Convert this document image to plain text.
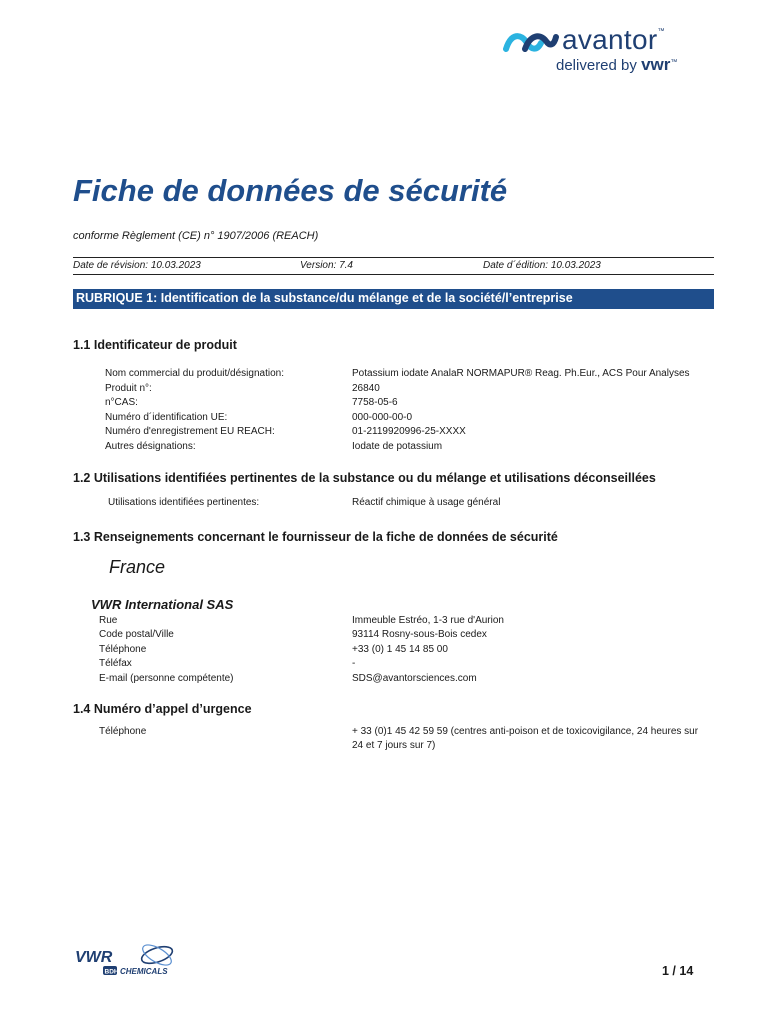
avantor™
delivered by vwr™
Fiche de données de sécurité
conforme Règlement (CE) n° 1907/2006 (REACH)
Date de révision: 10.03.2023	Version: 7.4	Date d´édition: 10.03.2023
RUBRIQUE 1: Identification de la substance/du mélange et de la société/l’entreprise
1.1 Identificateur de produit
Nom commercial du produit/désignation:	Potassium iodate AnalaR NORMAPUR® Reag. Ph.Eur., ACS Pour Analyses
Produit n°:	26840
n°CAS:	7758-05-6
Numéro d´identification UE:	000-000-00-0
Numéro d'enregistrement EU REACH:	01-2119920996-25-XXXX
Autres désignations:	Iodate de potassium
1.2 Utilisations identifiées pertinentes de la substance ou du mélange et utilisations déconseillées
Utilisations identifiées pertinentes:	Réactif chimique à usage général
1.3 Renseignements concernant le fournisseur de la fiche de données de sécurité
France
VWR International SAS
Rue	Immeuble Estréo, 1-3 rue d'Aurion
Code postal/Ville	93114 Rosny-sous-Bois cedex
Téléphone	+33 (0) 1 45 14 85 00
Téléfax	-
E-mail (personne compétente)	SDS@avantorsciences.com
1.4 Numéro d’appel d’urgence
Téléphone	+ 33 (0)1 45 42 59 59 (centres anti-poison et de toxicovigilance, 24 heures sur 24 et 7 jours sur 7)
VWR
BDH CHEMICALS	1 / 14
